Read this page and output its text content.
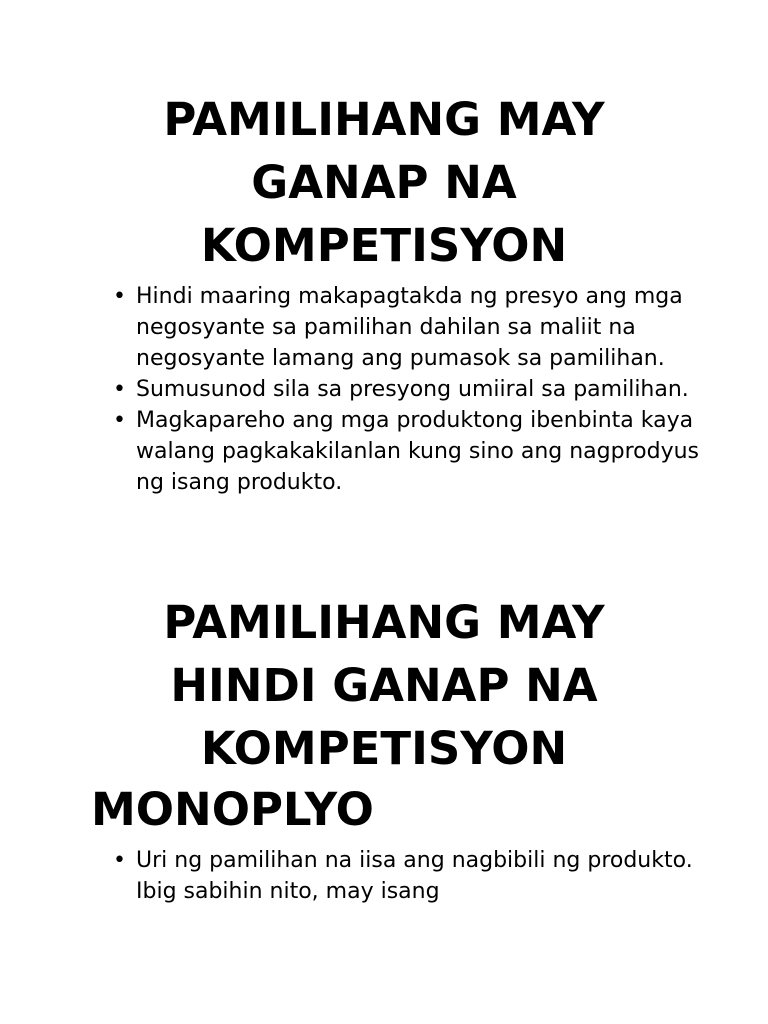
PAMILIHANG MAY
GANAP NA
KOMPETISYON
• Hindi maaring makapagtakda ng presyo ang mga negosyante sa pamilihan dahilan sa maliit na negosyante lamang ang pumasok sa pamilihan.
• Sumusunod sila sa presyong umiiral sa pamilihan.
• Magkapareho ang mga produktong ibenbinta kaya walang pagkakakilanlan kung sino ang nagprodyus ng isang produkto.
PAMILIHANG MAY
HINDI GANAP NA
KOMPETISYON
MONOPLYO
• Uri ng pamilihan na iisa ang nagbibili ng produkto. Ibig sabihin nito, may isang
